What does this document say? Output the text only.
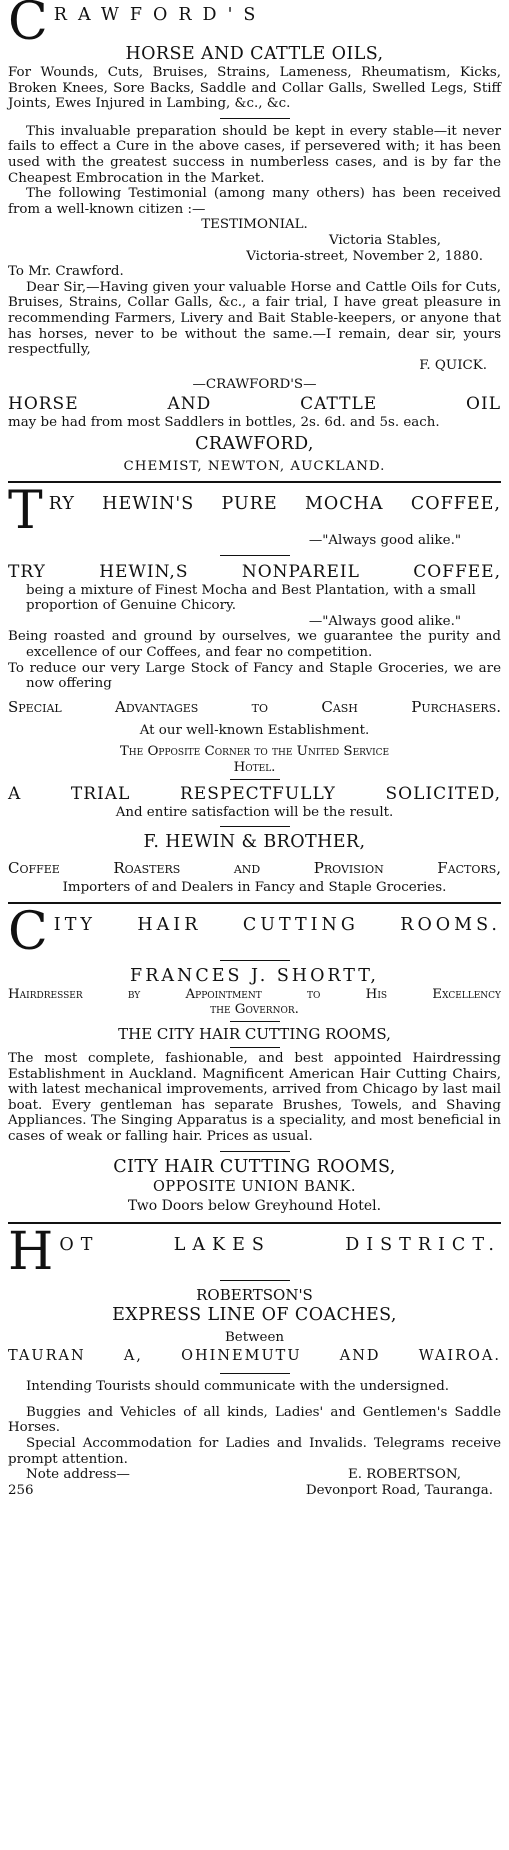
C RAWFORD'S
HORSE AND CATTLE OILS,
For Wounds, Cuts, Bruises, Strains, Lameness, Rheumatism, Kicks, Broken Knees, Sore Backs, Saddle and Collar Galls, Swelled Legs, Stiff Joints, Ewes Injured in Lambing, &c., &c.
This invaluable preparation should be kept in every stable—it never fails to effect a Cure in the above cases, if persevered with; it has been used with the greatest success in numberless cases, and is by far the Cheapest Embrocation in the Market.
The following Testimonial (among many others) has been received from a well-known citizen :—
TESTIMONIAL.
Victoria Stables,
Victoria-street, November 2, 1880.
To Mr. Crawford.
Dear Sir,—Having given your valuable Horse and Cattle Oils for Cuts, Bruises, Strains, Collar Galls, &c., a fair trial, I have great pleasure in recommending Farmers, Livery and Bait Stable-keepers, or anyone that has horses, never to be without the same.—I remain, dear sir, yours respectfully,
F. QUICK.
—CRAWFORD'S—
HORSE AND CATTLE OIL
may be had from most Saddlers in bottles, 2s. 6d. and 5s. each.
CRAWFORD,
CHEMIST, NEWTON, AUCKLAND.
T RY HEWIN'S PURE MOCHA COFFEE,
—"Always good alike."
TRY HEWIN,S NONPAREIL COFFEE,
being a mixture of Finest Mocha and Best Plantation, with a small proportion of Genuine Chicory.
—"Always good alike."
Being roasted and ground by ourselves, we guarantee the purity and excellence of our Coffees, and fear no competition.
To reduce our very Large Stock of Fancy and Staple Groceries, we are now offering
Special Advantages to Cash Purchasers.
At our well-known Establishment.
The Opposite Corner to the United Service
Hotel.
A TRIAL RESPECTFULLY SOLICITED,
And entire satisfaction will be the result.
F. HEWIN & BROTHER,
Coffee Roasters and Provision Factors,
Importers of and Dealers in Fancy and Staple Groceries.
C ITY HAIR CUTTING ROOMS.
FRANCES J. SHORTT,
Hairdresser by Appointment to His Excellency
the Governor.
THE CITY HAIR CUTTING ROOMS,
The most complete, fashionable, and best appointed Hairdressing Establishment in Auckland. Magnificent American Hair Cutting Chairs, with latest mechanical improvements, arrived from Chicago by last mail boat. Every gentleman has separate Brushes, Towels, and Shaving Appliances. The Singing Apparatus is a speciality, and most beneficial in cases of weak or falling hair. Prices as usual.
CITY HAIR CUTTING ROOMS,
OPPOSITE UNION BANK.
Two Doors below Greyhound Hotel.
H OT LAKES DISTRICT.
ROBERTSON'S
EXPRESS LINE OF COACHES,
Between
TAURAN A, OHINEMUTU AND WAIROA.
Intending Tourists should communicate with the undersigned.
Buggies and Vehicles of all kinds, Ladies' and Gentlemen's Saddle Horses.
Special Accommodation for Ladies and Invalids. Telegrams receive prompt attention.
Note address—	E. ROBERTSON,
256	Devonport Road, Tauranga.
